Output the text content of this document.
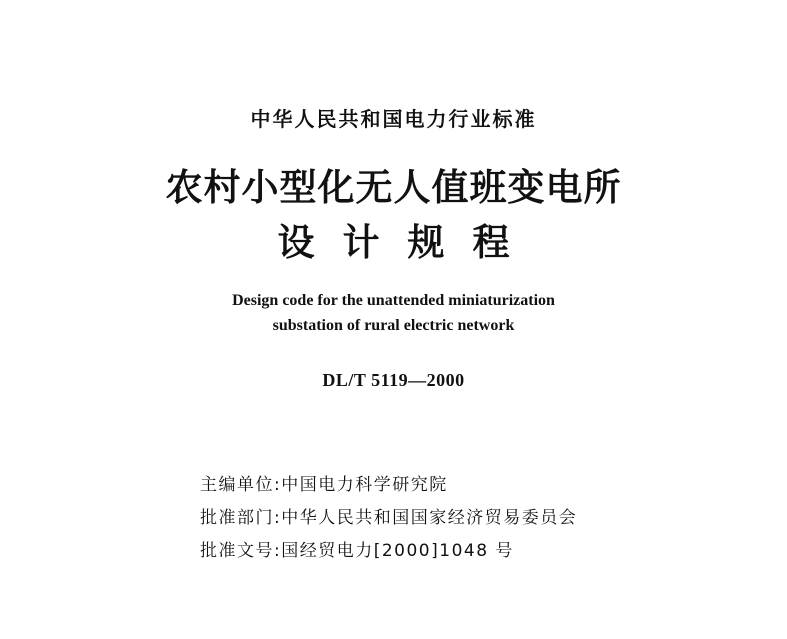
中华人民共和国电力行业标准
农村小型化无人值班变电所
设计规程
Design code for the unattended miniaturization
substation of rural electric network
DL/T 5119—2000
主编单位:中国电力科学研究院
批准部门:中华人民共和国国家经济贸易委员会
批准文号:国经贸电力[2000]1048 号
